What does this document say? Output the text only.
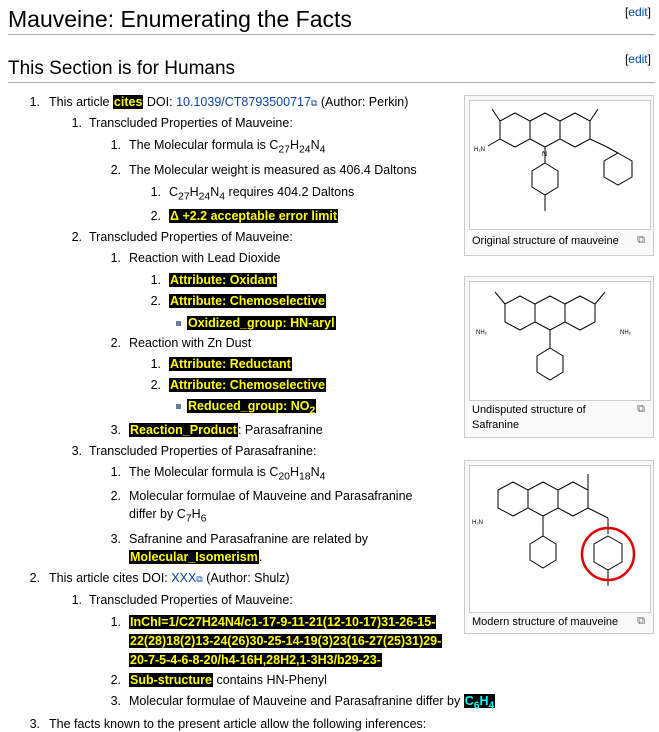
Mauveine: Enumerating the Facts	[edit]
This Section is for Humans	[edit]
1. This article cites DOI: 10.1039/CT8793500717⧉ (Author: Perkin)
1. Transcluded Properties of Mauveine:
1. The Molecular formula is $C_{27}H_{24}N_4$
2. The Molecular weight is measured as 406.4 Daltons
1. $C_{27}H_{24}N_4$ requires 404.2 Daltons
2. Δ +2.2 acceptable error limit
2. Transcluded Properties of Mauveine:
1. Reaction with Lead Dioxide
1. Attribute: Oxidant
2. Attribute: Chemoselective
Oxidized_group: HN-aryl
2. Reaction with Zn Dust
1. Attribute: Reductant
2. Attribute: Chemoselective
Reduced_group: $NO_2$
3. Reaction_Product: Parasafranine
3. Transcluded Properties of Parasafranine:
1. The Molecular formula is $C_{20}H_{18}N_4$
2. Molecular formulae of Mauveine and Parasafranine
differ by $C_7H_6$
3. Safranine and Parasafranine are related by
Molecular_Isomerism.
2. This article cites DOI: XXX⧉ (Author: Shulz)
1. Transcluded Properties of Mauveine:
1. InChI=1/C27H24N4/c1-17-9-11-21(12-10-17)31-26-15-
22(28)18(2)13-24(26)30-25-14-19(3)23(16-27(25)31)29-
20-7-5-4-6-8-20/h4-16H,28H2,1-3H3/b29-23-
2. Sub-structure contains HN-Phenyl
3. Molecular formulae of Mauveine and Parasafranine differ by $C_6H_4$
3. The facts known to the present article allow the following inferences:
N
H₂N
Original structure of mauveine ⧉
NH₂	NH₂
Undisputed structure of Safranine
⧉
H₂N
Modern structure of mauveine	⧉
